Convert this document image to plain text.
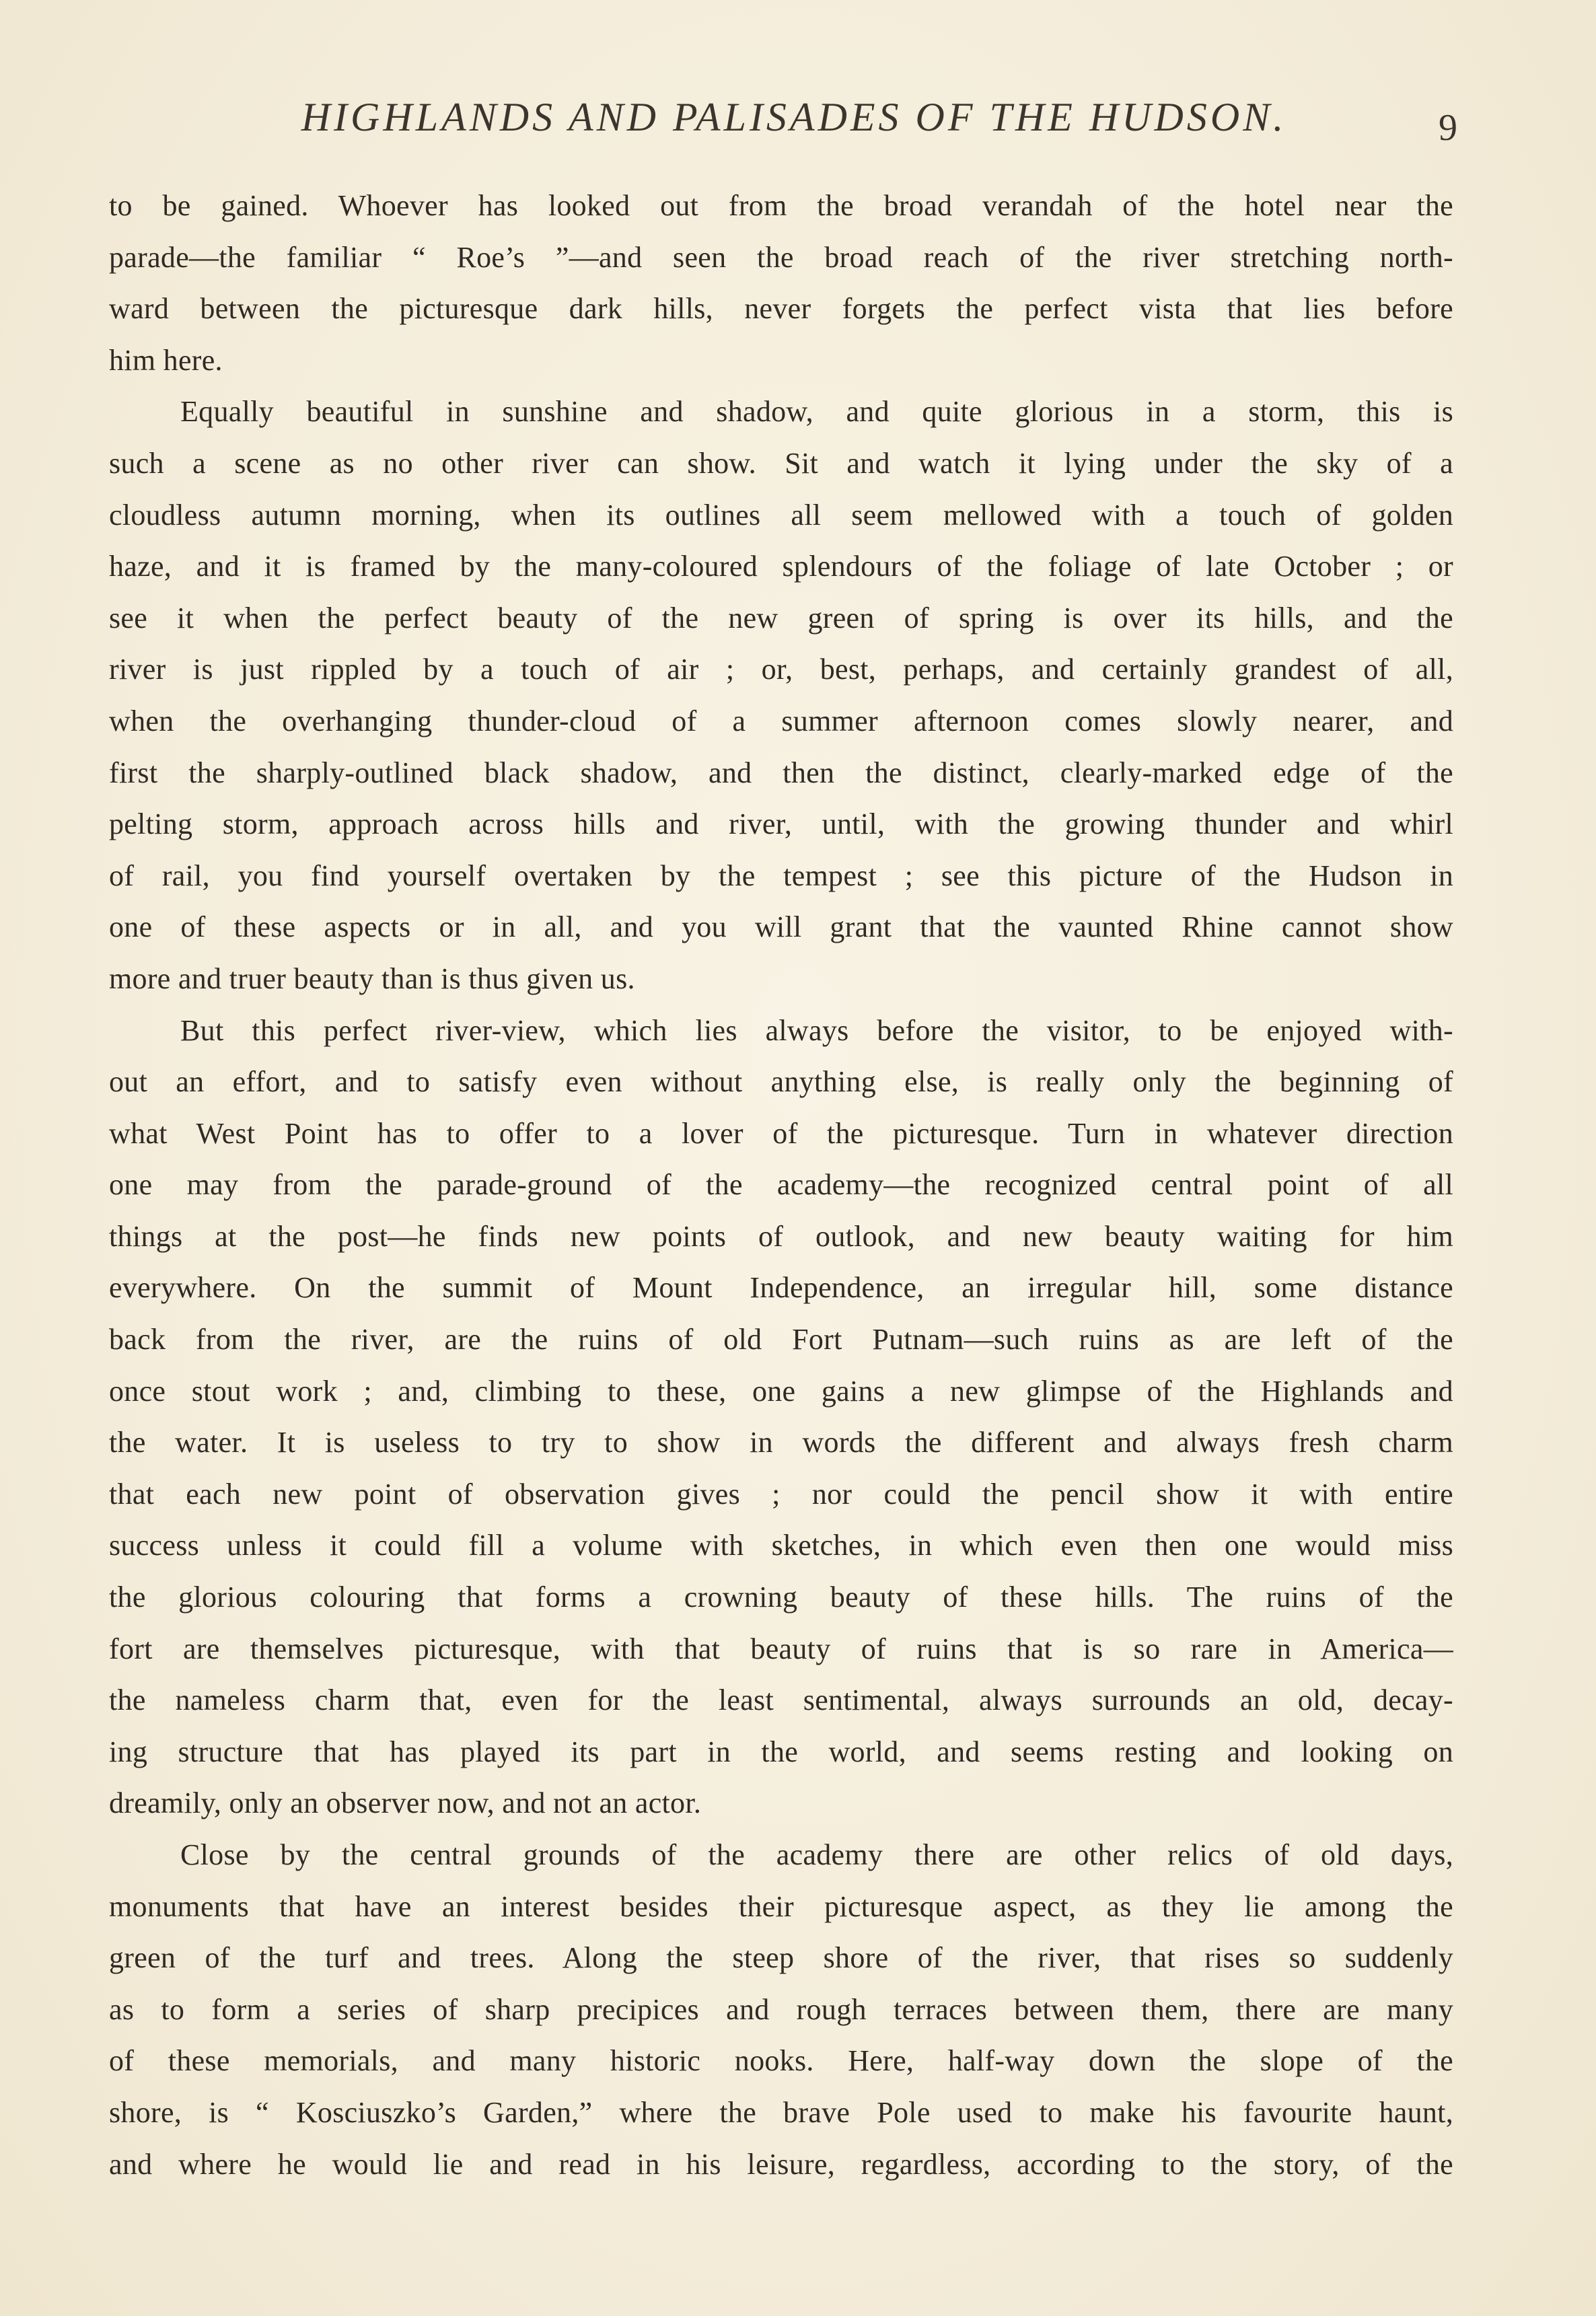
HIGHLANDS AND PALISADES OF THE HUDSON.	9
to be gained. Whoever has looked out from the broad verandah of the hotel near the
parade—the familiar “ Roe’s ”—and seen the broad reach of the river stretching north-
ward between the picturesque dark hills, never forgets the perfect vista that lies before
him here.
Equally beautiful in sunshine and shadow, and quite glorious in a storm, this is
such a scene as no other river can show. Sit and watch it lying under the sky of a
cloudless autumn morning, when its outlines all seem mellowed with a touch of golden
haze, and it is framed by the many-coloured splendours of the foliage of late October ; or
see it when the perfect beauty of the new green of spring is over its hills, and the
river is just rippled by a touch of air ; or, best, perhaps, and certainly grandest of all,
when the overhanging thunder-cloud of a summer afternoon comes slowly nearer, and
first the sharply-outlined black shadow, and then the distinct, clearly-marked edge of the
pelting storm, approach across hills and river, until, with the growing thunder and whirl
of rail, you find yourself overtaken by the tempest ; see this picture of the Hudson in
one of these aspects or in all, and you will grant that the vaunted Rhine cannot show
more and truer beauty than is thus given us.
But this perfect river-view, which lies always before the visitor, to be enjoyed with-
out an effort, and to satisfy even without anything else, is really only the beginning of
what West Point has to offer to a lover of the picturesque. Turn in whatever direction
one may from the parade-ground of the academy—the recognized central point of all
things at the post—he finds new points of outlook, and new beauty waiting for him
everywhere. On the summit of Mount Independence, an irregular hill, some distance
back from the river, are the ruins of old Fort Putnam—such ruins as are left of the
once stout work ; and, climbing to these, one gains a new glimpse of the Highlands and
the water. It is useless to try to show in words the different and always fresh charm
that each new point of observation gives ; nor could the pencil show it with entire
success unless it could fill a volume with sketches, in which even then one would miss
the glorious colouring that forms a crowning beauty of these hills. The ruins of the
fort are themselves picturesque, with that beauty of ruins that is so rare in America—
the nameless charm that, even for the least sentimental, always surrounds an old, decay-
ing structure that has played its part in the world, and seems resting and looking on
dreamily, only an observer now, and not an actor.
Close by the central grounds of the academy there are other relics of old days,
monuments that have an interest besides their picturesque aspect, as they lie among the
green of the turf and trees. Along the steep shore of the river, that rises so suddenly
as to form a series of sharp precipices and rough terraces between them, there are many
of these memorials, and many historic nooks. Here, half-way down the slope of the
shore, is “ Kosciuszko’s Garden,” where the brave Pole used to make his favourite haunt,
and where he would lie and read in his leisure, regardless, according to the story, of the
